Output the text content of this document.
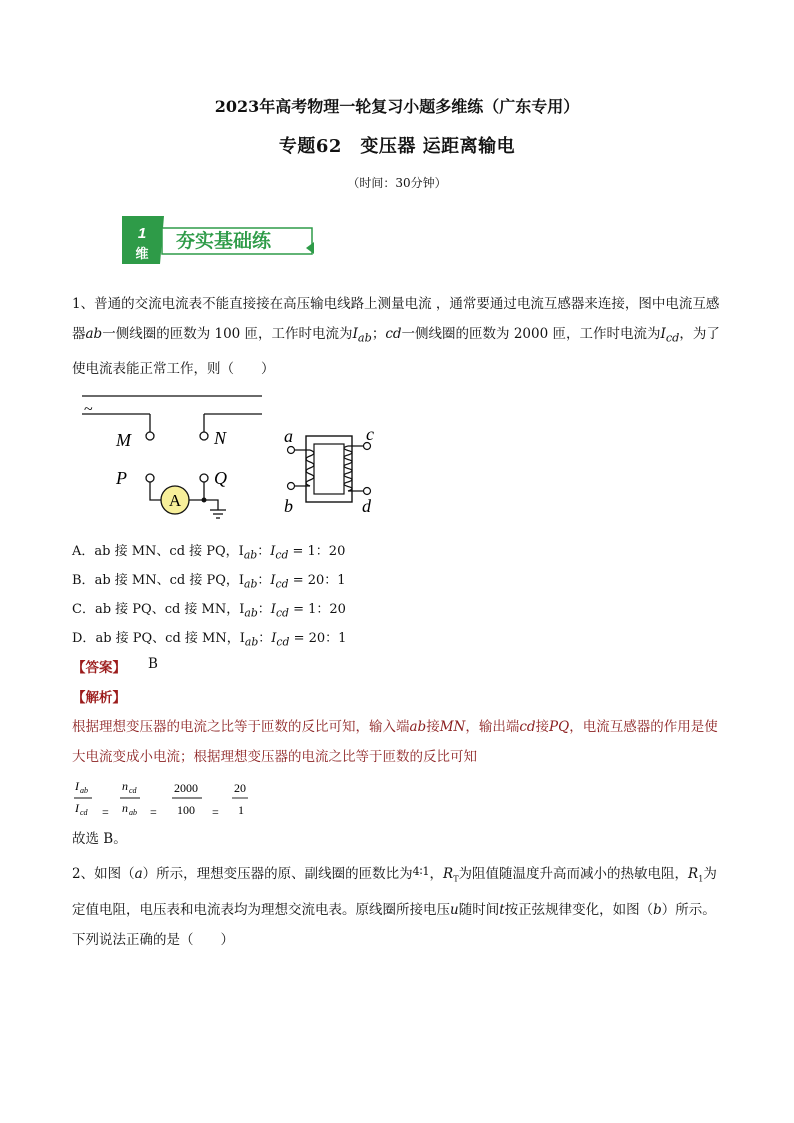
2023年高考物理一轮复习小题多维练（广东专用）
专题62　变压器 运距离输电
（时间：30分钟）
1
维
夯实基础练
1、普通的交流电流表不能直接接在高压输电线路上测量电流 ，通常要通过电流互感器来连接，图中电流互感器ab一侧线圈的匝数为 100 匝，工作时电流为$I_{ab}$；cd一侧线圈的匝数为 2000 匝，工作时电流为$I_{cd}$，为了使电流表能正常工作，则（　　）
~
M	N
P	Q
A
a
b
c
d
A．ab 接 MN、cd 接 PQ，$I_{ab}$：$I_{cd} = 1$：20
B．ab 接 MN、cd 接 PQ，$I_{ab}$：$I_{cd} = 20$：1
C．ab 接 PQ、cd 接 MN，$I_{ab}$：$I_{cd} = 1$：20
D．ab 接 PQ、cd 接 MN，$I_{ab}$：$I_{cd} = 20$：1
【答案】 B
【解析】
根据理想变压器的电流之比等于匝数的反比可知，输入端ab接MN，输出端cd接PQ，电流互感器的作用是使大电流变成小电流；根据理想变压器的电流之比等于匝数的反比可知
I ab
I cd =
n cd
n ab =
2000
100 =
20
1
故选 B。
2、如图（a）所示，理想变压器的原、副线圈的匝数比为$^{4∶1}$，$R_T$为阻值随温度升高而减小的热敏电阻，$R_1$为定值电阻，电压表和电流表均为理想交流电表。原线圈所接电压u随时间t按正弦规律变化，如图（b）所示。下列说法正确的是（　　）
